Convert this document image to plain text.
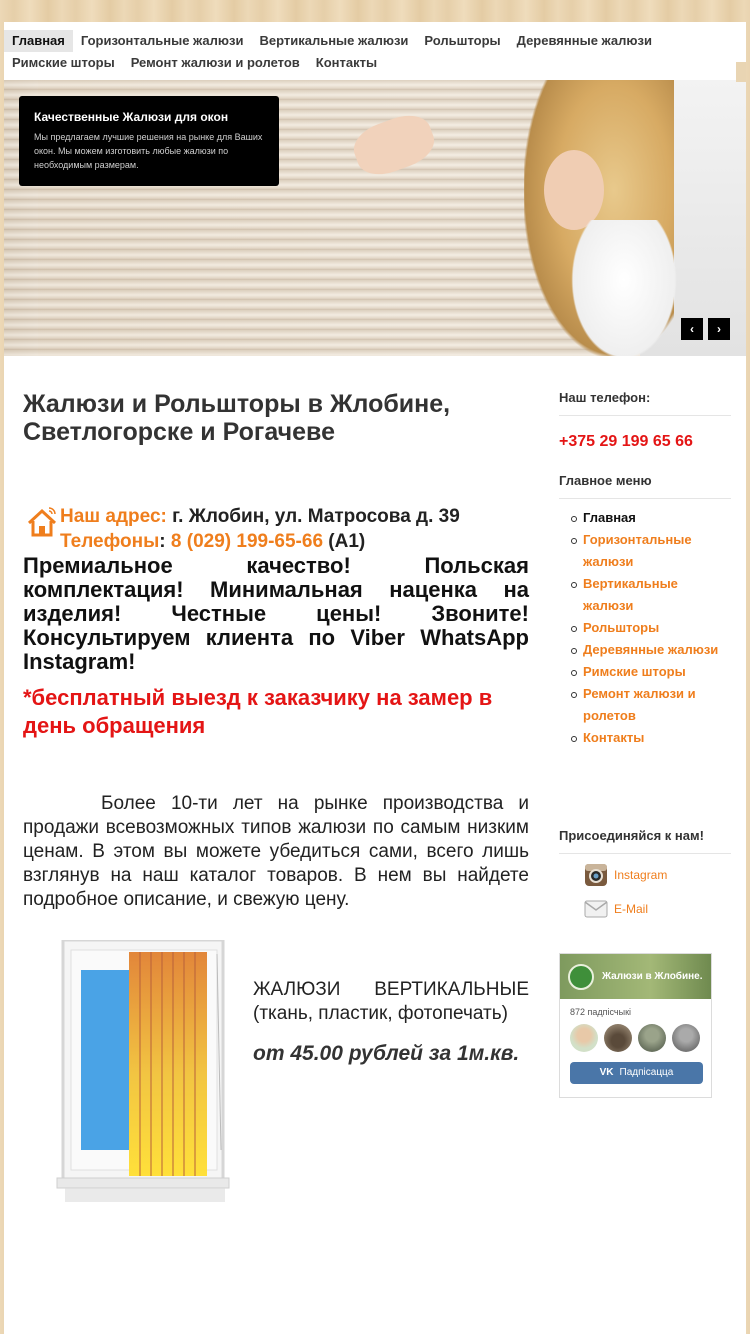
Главная	Горизонтальные жалюзи	Вертикальные жалюзи	Рольшторы	Деревянные жалюзи
Римские шторы	Ремонт жалюзи и ролетов	Контакты
Качественные Жалюзи для окон

Мы предлагаем лучшие решения на рынке для Ваших окон. Мы можем изготовить любые жалюзи по необходимым размерам.

‹	›
Жалюзи и Рольшторы в Жлобине, Светлогорске и Рогачеве
Наш адрес: г. Жлобин, ул. Матросова д. 39
Телефоны: 8 (029) 199-65-66 (А1)

Премиальное качество! Польская комплектация! Минимальная наценка на изделия! Честные цены! Звоните! Консультируем клиента по Viber WhatsApp Instagram!

*бесплатный выезд к заказчику на замер в день обращения

Более 10-ти лет на рынке производства и продажи всевозможных типов жалюзи по самым низким ценам. В этом вы можете убедиться сами, всего лишь взглянув на наш каталог товаров. В нем вы найдете подробное описание, и свежую цену.

ЖАЛЮЗИ ВЕРТИКАЛЬНЫЕ (ткань, пластик, фотопечать)

от 45.00 рублей за 1м.кв.

Наш телефон:
+375 29 199 65 66
Главное меню
Главная
Горизонтальные жалюзи
Вертикальные жалюзи
Рольшторы
Деревянные жалюзи
Римские шторы
Ремонт жалюзи и ролетов
Контакты
Присоединяйся к нам!
Instagram
E-Mail
Жалюзи в Жлобине.
872 падпісчыкі
VK Падпісацца
